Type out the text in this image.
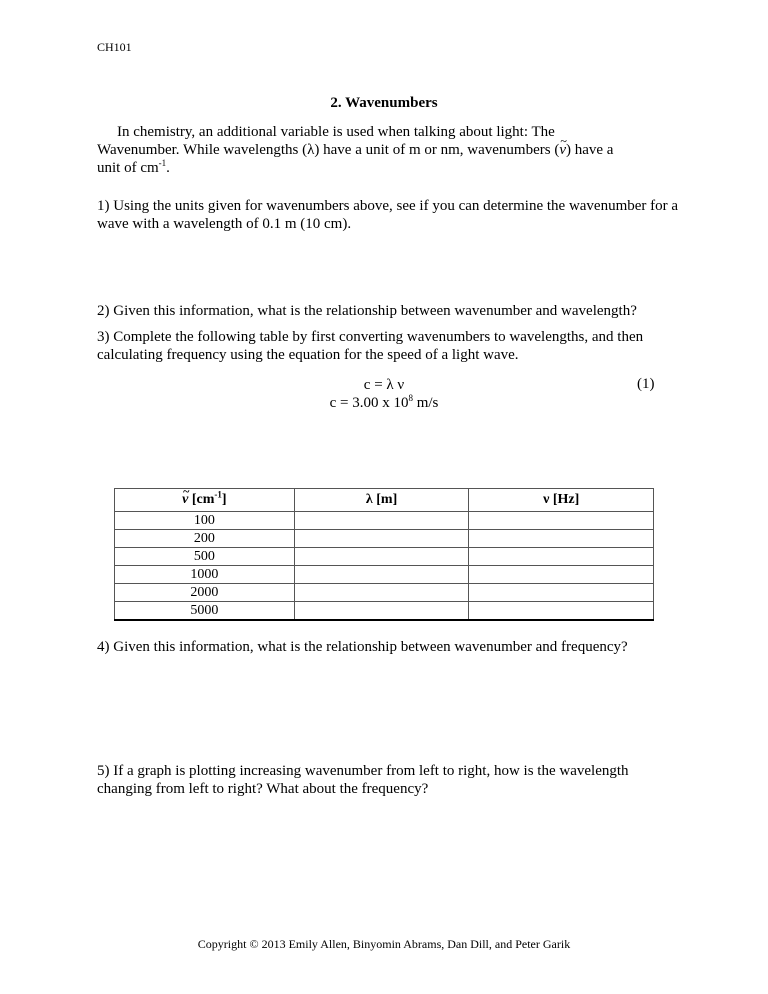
CH101
2. Wavenumbers
In chemistry, an additional variable is used when talking about light: The
Wavenumber. While wavelengths (λ) have a unit of m or nm, wavenumbers (~ ν) have a
unit of $cm^{-1}$.
1) Using the units given for wavenumbers above, see if you can determine the wavenumber for a wave with a wavelength of 0.1 m (10 cm).
2) Given this information, what is the relationship between wavenumber and wavelength?
3) Complete the following table by first converting wavenumbers to wavelengths, and then calculating frequency using the equation for the speed of a light wave.
c = λ ν
c = 3.00 x $10^8$ m/s
(1)
~ ν $[cm^{-1}]$	λ [m]	ν [Hz]
100		
200		
500		
1000		
2000		
5000		
4) Given this information, what is the relationship between wavenumber and frequency?
5) If a graph is plotting increasing wavenumber from left to right, how is the wavelength changing from left to right? What about the frequency?
Copyright © 2013 Emily Allen, Binyomin Abrams, Dan Dill, and Peter Garik
